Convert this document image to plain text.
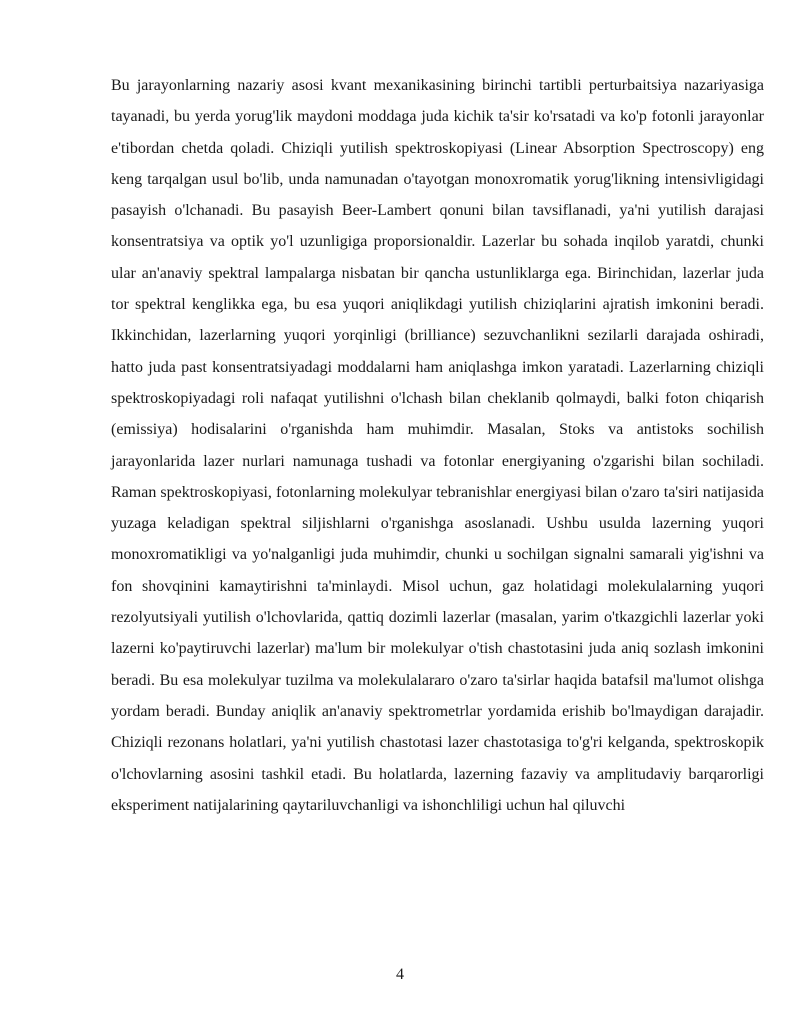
Bu jarayonlarning nazariy asosi kvant mexanikasining birinchi tartibli perturbaitsiya nazariyasiga tayanadi, bu yerda yorug'lik maydoni moddaga juda kichik ta'sir ko'rsatadi va ko'p fotonli jarayonlar e'tibordan chetda qoladi. Chiziqli yutilish spektroskopiyasi (Linear Absorption Spectroscopy) eng keng tarqalgan usul bo'lib, unda namunadan o'tayotgan monoxromatik yorug'likning intensivligidagi pasayish o'lchanadi. Bu pasayish Beer-Lambert qonuni bilan tavsiflanadi, ya'ni yutilish darajasi konsentratsiya va optik yo'l uzunligiga proporsionaldir. Lazerlar bu sohada inqilob yaratdi, chunki ular an'anaviy spektral lampalarga nisbatan bir qancha ustunliklarga ega. Birinchidan, lazerlar juda tor spektral kenglikka ega, bu esa yuqori aniqlikdagi yutilish chiziqlarini ajratish imkonini beradi. Ikkinchidan, lazerlarning yuqori yorqinligi (brilliance) sezuvchanlikni sezilarli darajada oshiradi, hatto juda past konsentratsiyadagi moddalarni ham aniqlashga imkon yaratadi. Lazerlarning chiziqli spektroskopiyadagi roli nafaqat yutilishni o'lchash bilan cheklanib qolmaydi, balki foton chiqarish (emissiya) hodisalarini o'rganishda ham muhimdir. Masalan, Stoks va antistoks sochilish jarayonlarida lazer nurlari namunaga tushadi va fotonlar energiyaning o'zgarishi bilan sochiladi. Raman spektroskopiyasi, fotonlarning molekulyar tebranishlar energiyasi bilan o'zaro ta'siri natijasida yuzaga keladigan spektral siljishlarni o'rganishga asoslanadi. Ushbu usulda lazerning yuqori monoxromatikligi va yo'nalganligi juda muhimdir, chunki u sochilgan signalni samarali yig'ishni va fon shovqinini kamaytirishni ta'minlaydi. Misol uchun, gaz holatidagi molekulalarning yuqori rezolyutsiyali yutilish o'lchovlarida, qattiq dozimli lazerlar (masalan, yarim o'tkazgichli lazerlar yoki lazerni ko'paytiruvchi lazerlar) ma'lum bir molekulyar o'tish chastotasini juda aniq sozlash imkonini beradi. Bu esa molekulyar tuzilma va molekulalararo o'zaro ta'sirlar haqida batafsil ma'lumot olishga yordam beradi. Bunday aniqlik an'anaviy spektrometrlar yordamida erishib bo'lmaydigan darajadir. Chiziqli rezonans holatlari, ya'ni yutilish chastotasi lazer chastotasiga to'g'ri kelganda, spektroskopik o'lchovlarning asosini tashkil etadi. Bu holatlarda, lazerning fazaviy va amplitudaviy barqarorligi eksperiment natijalarining qaytariluvchanligi va ishonchliligi uchun hal qiluvchi

4
